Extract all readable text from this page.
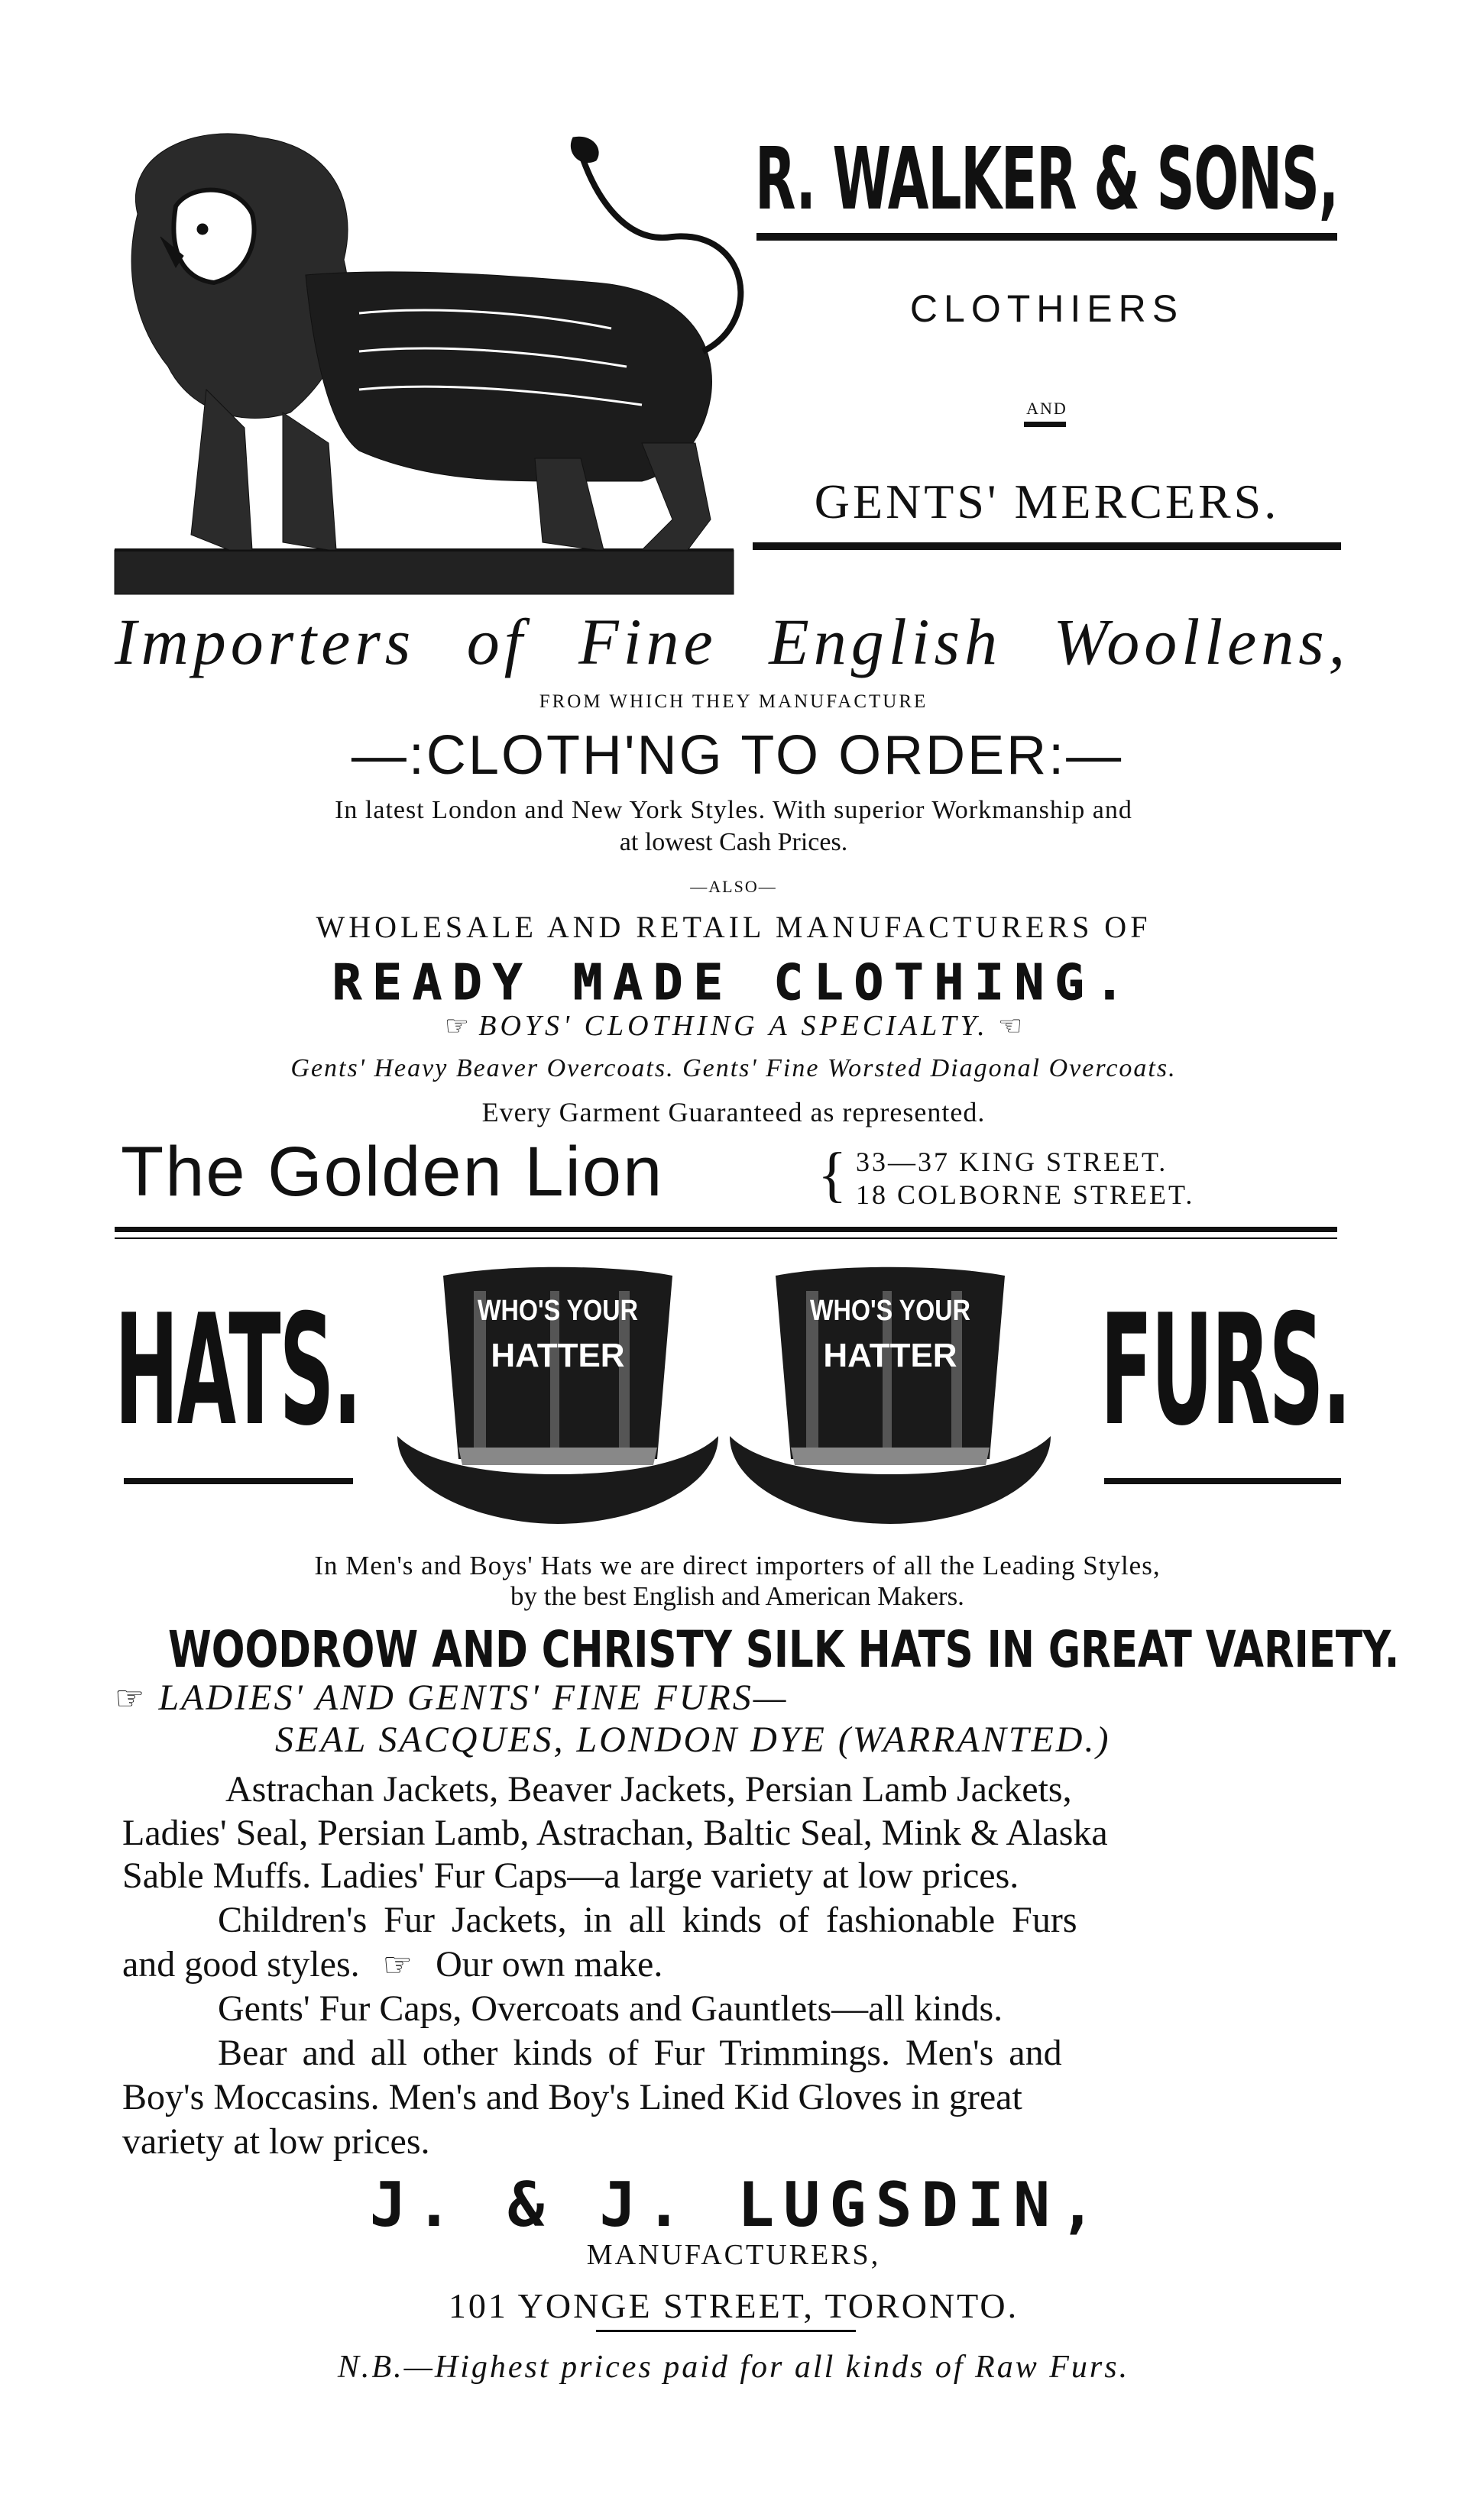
R. WALKER & SONS,
CLOTHIERS
AND
GENTS' MERCERS.
Importers of Fine English Woollens,
FROM WHICH THEY MANUFACTURE
—:CLOTH'NG TO ORDER:—
In latest London and New York Styles. With superior Workmanship and
at lowest Cash Prices.
—ALSO—
WHOLESALE AND RETAIL MANUFACTURERS OF
READY MADE CLOTHING.
☞ BOYS' CLOTHING A SPECIALTY. ☜
Gents' Heavy Beaver Overcoats. Gents' Fine Worsted Diagonal Overcoats.
Every Garment Guaranteed as represented.
The Golden Lion	{ 33—37 KING STREET.
18 COLBORNE STREET.
HATS.	FURS.
WHO'S YOUR
HATTER
WHO'S YOUR
HATTER
In Men's and Boys' Hats we are direct importers of all the Leading Styles,
by the best English and American Makers.
WOODROW AND CHRISTY SILK HATS IN GREAT VARIETY.
☞ LADIES' AND GENTS' FINE FURS—
SEAL SACQUES, LONDON DYE (WARRANTED.)
Astrachan Jackets, Beaver Jackets, Persian Lamb Jackets,
Ladies' Seal, Persian Lamb, Astrachan, Baltic Seal, Mink & Alaska
Sable Muffs. Ladies' Fur Caps—a large variety at low prices.
Children's Fur Jackets, in all kinds of fashionable Furs
and good styles. ☞ Our own make.
Gents' Fur Caps, Overcoats and Gauntlets—all kinds.
Bear and all other kinds of Fur Trimmings. Men's and
Boy's Moccasins. Men's and Boy's Lined Kid Gloves in great
variety at low prices.
J. & J. LUGSDIN,
MANUFACTURERS,
101 YONGE STREET, TORONTO.
N.B.—Highest prices paid for all kinds of Raw Furs.
